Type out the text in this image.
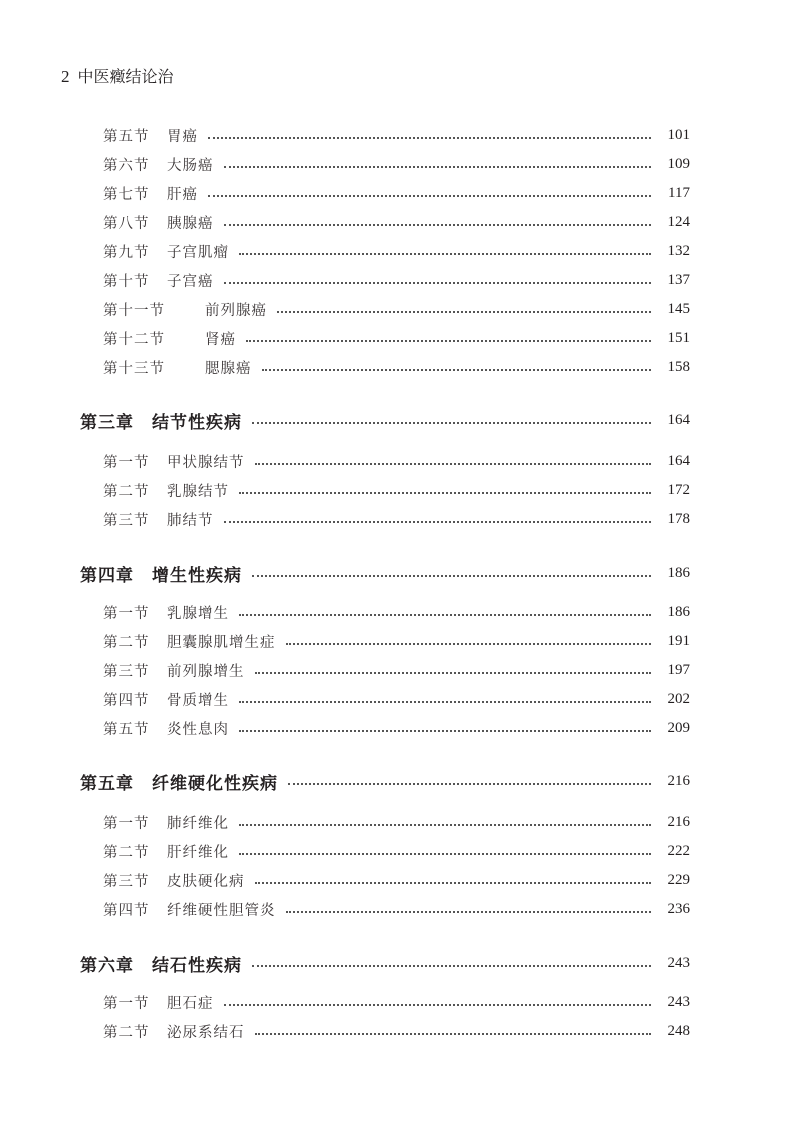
2 中医癥结论治
第五节 胃癌	101
第六节 大肠癌	109
第七节 肝癌	117
第八节 胰腺癌	124
第九节 子宫肌瘤	132
第十节 子宫癌	137
第十一节	前列腺癌	145
第十二节	肾癌	151
第十三节	腮腺癌	158
第三章 结节性疾病	164
第一节 甲状腺结节	164
第二节 乳腺结节	172
第三节 肺结节	178
第四章 增生性疾病	186
第一节 乳腺增生	186
第二节 胆囊腺肌增生症	191
第三节 前列腺增生	197
第四节 骨质增生	202
第五节 炎性息肉	209
第五章 纤维硬化性疾病	216
第一节 肺纤维化	216
第二节 肝纤维化	222
第三节 皮肤硬化病	229
第四节 纤维硬性胆管炎	236
第六章 结石性疾病	243
第一节 胆石症	243
第二节 泌尿系结石	248
